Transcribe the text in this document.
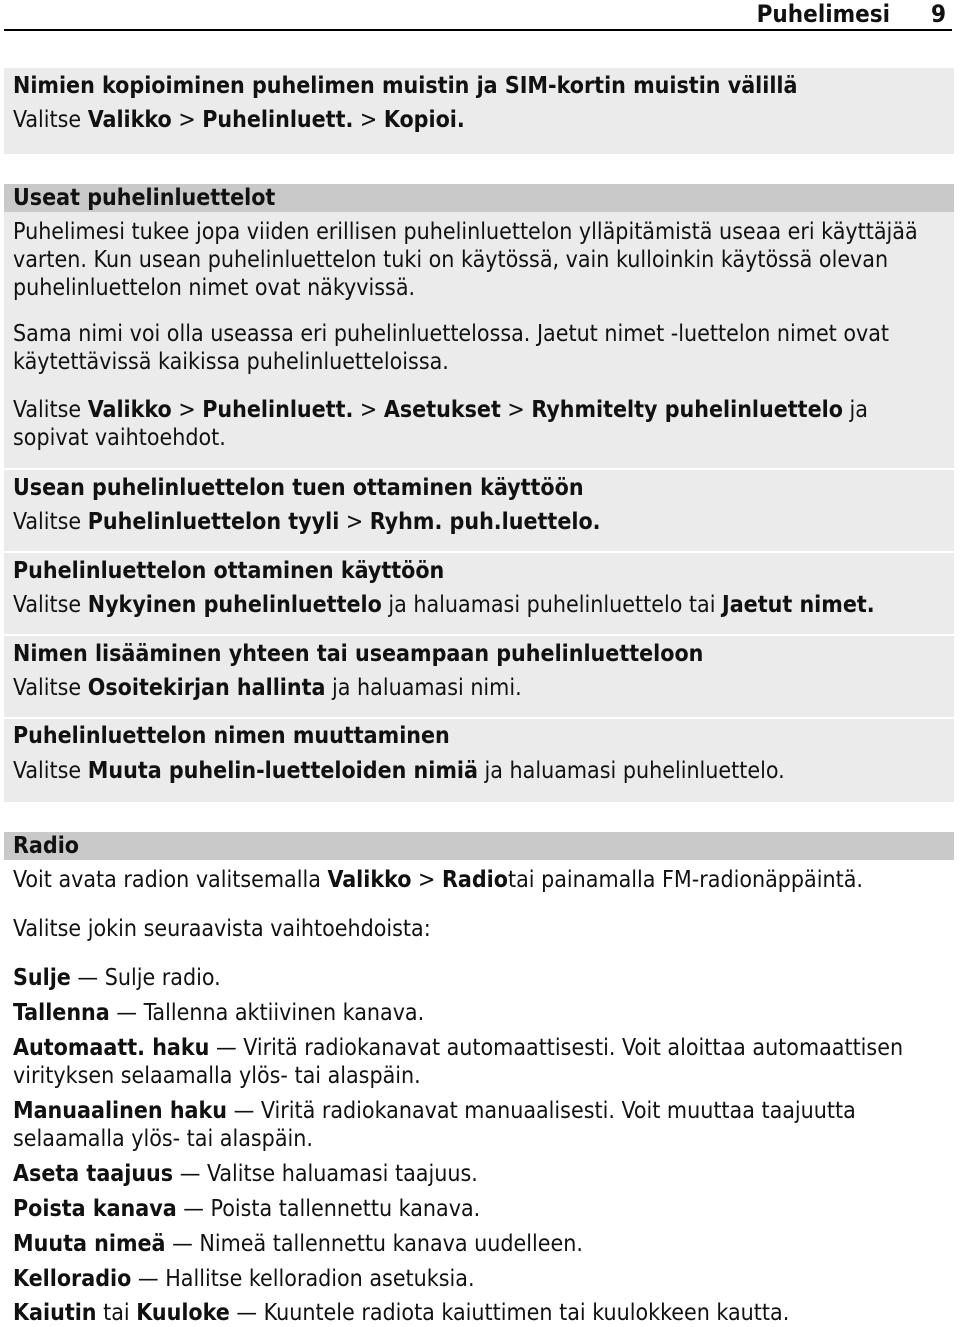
Puhelimesi 9
Nimien kopioiminen puhelimen muistin ja SIM-kortin muistin välillä
Valitse Valikko > Puhelinluett. > Kopioi.
Useat puhelinluettelot
Puhelimesi tukee jopa viiden erillisen puhelinluettelon ylläpitämistä useaa eri käyttäjää varten. Kun usean puhelinluettelon tuki on käytössä, vain kulloinkin käytössä olevan puhelinluettelon nimet ovat näkyvissä.
Sama nimi voi olla useassa eri puhelinluettelossa. Jaetut nimet -luettelon nimet ovat käytettävissä kaikissa puhelinluetteloissa.
Valitse Valikko > Puhelinluett. > Asetukset > Ryhmitelty puhelinluettelo ja sopivat vaihtoehdot.
Usean puhelinluettelon tuen ottaminen käyttöön
Valitse Puhelinluettelon tyyli > Ryhm. puh.luettelo.
Puhelinluettelon ottaminen käyttöön
Valitse Nykyinen puhelinluettelo ja haluamasi puhelinluettelo tai Jaetut nimet.
Nimen lisääminen yhteen tai useampaan puhelinluetteloon
Valitse Osoitekirjan hallinta ja haluamasi nimi.
Puhelinluettelon nimen muuttaminen
Valitse Muuta puhelin-luetteloiden nimiä ja haluamasi puhelinluettelo.
Radio
Voit avata radion valitsemalla Valikko > Radiotai painamalla FM-radionäppäintä.
Valitse jokin seuraavista vaihtoehdoista:
Sulje — Sulje radio.
Tallenna — Tallenna aktiivinen kanava.
Automaatt. haku — Viritä radiokanavat automaattisesti. Voit aloittaa automaattisen virityksen selaamalla ylös- tai alaspäin.
Manuaalinen haku — Viritä radiokanavat manuaalisesti. Voit muuttaa taajuutta selaamalla ylös- tai alaspäin.
Aseta taajuus — Valitse haluamasi taajuus.
Poista kanava — Poista tallennettu kanava.
Muuta nimeä — Nimeä tallennettu kanava uudelleen.
Kelloradio — Hallitse kelloradion asetuksia.
Kaiutin tai Kuuloke — Kuuntele radiota kaiuttimen tai kuulokkeen kautta.
